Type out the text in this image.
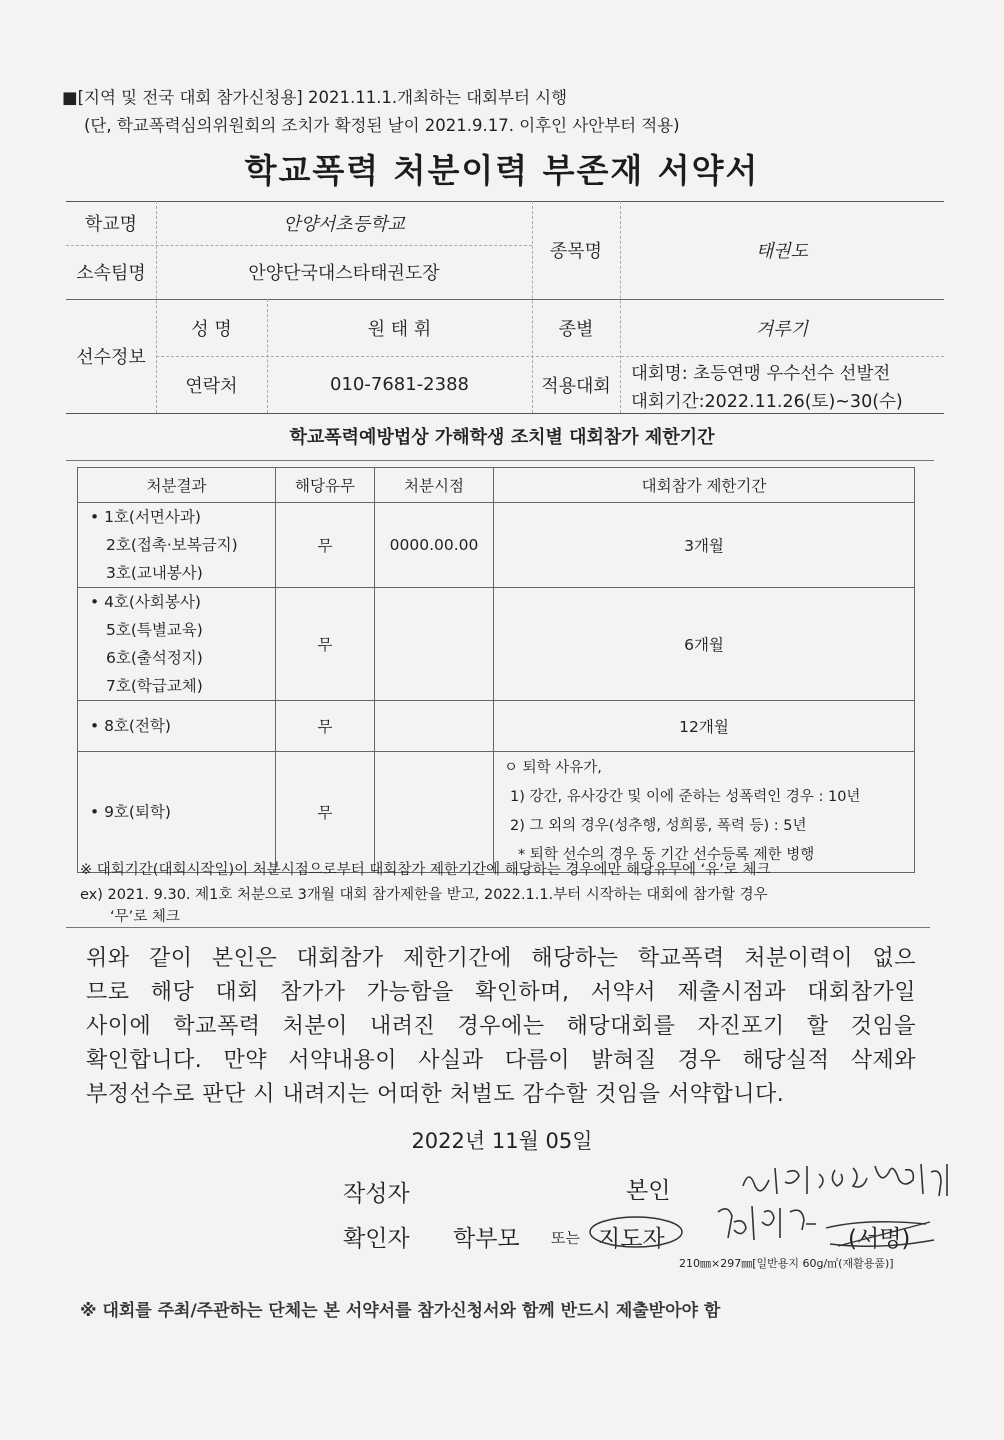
■[지역 및 전국 대회 참가신청용] 2021.11.1.개최하는 대회부터 시행
(단, 학교폭력심의위원회의 조치가 확정된 날이 2021.9.17. 이후인 사안부터 적용)
학교폭력 처분이력 부존재 서약서
학교명	안양서초등학교
소속팀명	안양단국대스타태권도장
종목명	태권도
선수정보
성 명	원 태 휘	종별	겨루기
연락처	010-7681-2388	적용대회
대회명: 초등연맹 우수선수 선발전
대회기간:2022.11.26(토)~30(수)
학교폭력예방법상 가해학생 조치별 대회참가 제한기간
처분결과	해당유무	처분시점	대회참가 제한기간

• 1호(서면사과)
2호(접촉·보복금지)
3호(교내봉사)	무	0000.00.00	3개월

• 4호(사회봉사)
5호(특별교육)
6호(출석정지)
7호(학급교체)	무		6개월

• 8호(전학)	무		12개월

• 9호(퇴학)	무		ㅇ 퇴학 사유가,
1) 강간, 유사강간 및 이에 준하는 성폭력인 경우 : 10년
2) 그 외의 경우(성추행, 성희롱, 폭력 등) : 5년
* 퇴학 선수의 경우 동 기간 선수등록 제한 병행
※ 대회기간(대회시작일)이 처분시점으로부터 대회참가 제한기간에 해당하는 경우에만 해당유무에 ‘유’로 체크
ex) 2021. 9.30. 제1호 처분으로 3개월 대회 참가제한을 받고, 2022.1.1.부터 시작하는 대회에 참가할 경우
‘무’로 체크
위와 같이 본인은 대회참가 제한기간에 해당하는 학교폭력 처분이력이 없으
므로 해당 대회 참가가 가능함을 확인하며, 서약서 제출시점과 대회참가일
사이에 학교폭력 처분이 내려진 경우에는 해당대회를 자진포기 할 것임을
확인합니다. 만약 서약내용이 사실과 다름이 밝혀질 경우 해당실적 삭제와
부정선수로 판단 시 내려지는 어떠한 처벌도 감수할 것임을 서약합니다.
2022년 11월 05일
작성자	본인
확인자 학부모 또는 지도자	(서명)
210㎜×297㎜[일반용지 60g/㎡(재활용품)]
※ 대회를 주최/주관하는 단체는 본 서약서를 참가신청서와 함께 반드시 제출받아야 함
